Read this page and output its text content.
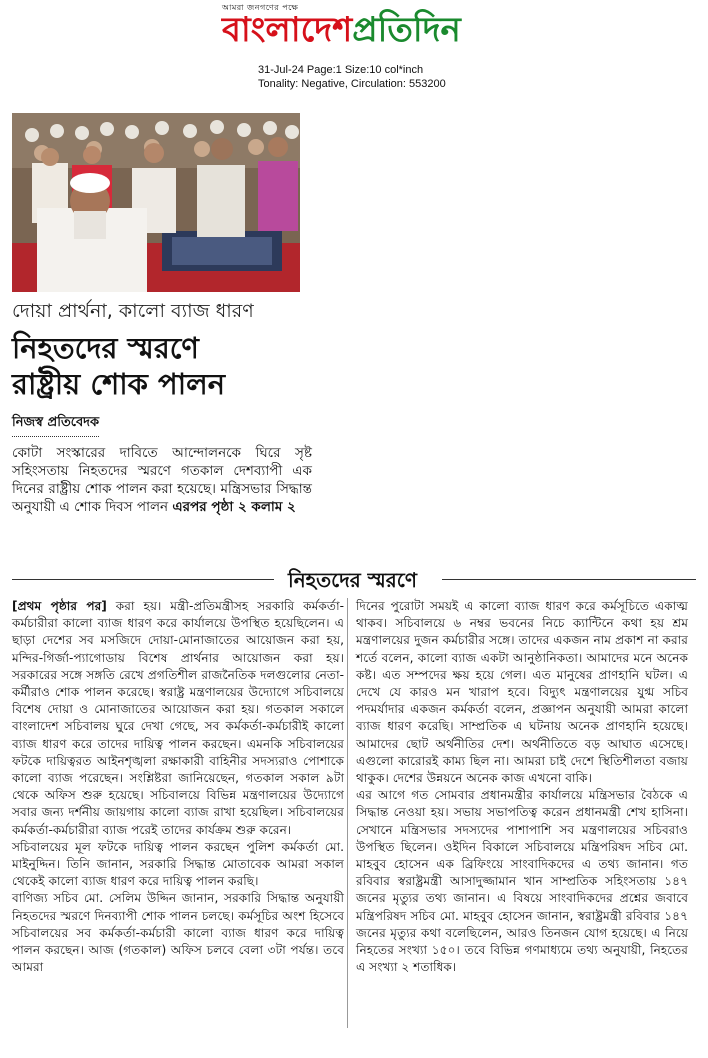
আমরা জনগণের পক্ষে
বাংলাদেশপ্রতিদিন
31-Jul-24 Page:1 Size:10 col*inch
Tonality: Negative, Circulation: 553200
দোয়া প্রার্থনা, কালো ব্যাজ ধারণ
নিহতদের স্মরণে
রাষ্ট্রীয় শোক পালন
নিজস্ব প্রতিবেদক
কোটা সংস্কারের দাবিতে আন্দোলনকে ঘিরে সৃষ্ট সহিংসতায় নিহতদের স্মরণে গতকাল দেশব্যাপী এক দিনের রাষ্ট্রীয় শোক পালন করা হয়েছে। মন্ত্রিসভার সিদ্ধান্ত অনুযায়ী এ শোক দিবস পালন এরপর পৃষ্ঠা ২ কলাম ২
নিহতদের স্মরণে

[প্রথম পৃষ্ঠার পর] করা হয়। মন্ত্রী-প্রতিমন্ত্রীসহ সরকারি কর্মকর্তা-কর্মচারীরা কালো ব্যাজ ধারণ করে কার্যালয়ে উপস্থিত হয়েছিলেন। এ ছাড়া দেশের সব মসজিদে দোয়া-মোনাজাতের আয়োজন করা হয়, মন্দির-গির্জা-প্যাগোডায় বিশেষ প্রার্থনার আয়োজন করা হয়। সরকারের সঙ্গে সঙ্গতি রেখে প্রগতিশীল রাজনৈতিক দলগুলোর নেতা-কর্মীরাও শোক পালন করেছে। স্বরাষ্ট্র মন্ত্রণালয়ের উদ্যোগে সচিবালয়ে বিশেষ দোয়া ও মোনাজাতের আয়োজন করা হয়। গতকাল সকালে বাংলাদেশ সচিবালয় ঘুরে দেখা গেছে, সব কর্মকর্তা-কর্মচারীই কালো ব্যাজ ধারণ করে তাদের দায়িত্ব পালন করছেন। এমনকি সচিবালয়ের ফটকে দায়িত্বরত আইনশৃঙ্খলা রক্ষাকারী বাহিনীর সদস্যরাও পোশাকে কালো ব্যাজ পরেছেন। সংশ্লিষ্টরা জানিয়েছেন, গতকাল সকাল ৯টা থেকে অফিস শুরু হয়েছে। সচিবালয়ে বিভিন্ন মন্ত্রণালয়ের উদ্যোগে সবার জন্য দর্শনীয় জায়গায় কালো ব্যাজ রাখা হয়েছিল। সচিবালয়ের কর্মকর্তা-কর্মচারীরা ব্যাজ পরেই তাদের কার্যক্রম শুরু করেন।

সচিবালয়ের মূল ফটকে দায়িত্ব পালন করছেন পুলিশ কর্মকর্তা মো. মাইনুদ্দিন। তিনি জানান, সরকারি সিদ্ধান্ত মোতাবেক আমরা সকাল থেকেই কালো ব্যাজ ধারণ করে দায়িত্ব পালন করছি।

বাণিজ্য সচিব মো. সেলিম উদ্দিন জানান, সরকারি সিদ্ধান্ত অনুযায়ী নিহতদের স্মরণে দিনব্যাপী শোক পালন চলছে। কর্মসূচির অংশ হিসেবে সচিবালয়ের সব কর্মকর্তা-কর্মচারী কালো ব্যাজ ধারণ করে দায়িত্ব পালন করছেন। আজ (গতকাল) অফিস চলবে বেলা ৩টা পর্যন্ত। তবে আমরা

দিনের পুরোটা সময়ই এ কালো ব্যাজ ধারণ করে কর্মসূচিতে একাত্ম থাকব। সচিবালয়ে ৬ নম্বর ভবনের নিচে ক্যান্টিনে কথা হয় শ্রম মন্ত্রণালয়ের দুজন কর্মচারীর সঙ্গে। তাদের একজন নাম প্রকাশ না করার শর্তে বলেন, কালো ব্যাজ একটা আনুষ্ঠানিকতা। আমাদের মনে অনেক কষ্ট। এত সম্পদের ক্ষয় হয়ে গেল। এত মানুষের প্রাণহানি ঘটল। এ দেখে যে কারও মন খারাপ হবে। বিদ্যুৎ মন্ত্রণালয়ের যুগ্ম সচিব পদমর্যাদার একজন কর্মকর্তা বলেন, প্রজ্ঞাপন অনুযায়ী আমরা কালো ব্যাজ ধারণ করেছি। সাম্প্রতিক এ ঘটনায় অনেক প্রাণহানি হয়েছে। আমাদের ছোট অর্থনীতির দেশ। অর্থনীতিতে বড় আঘাত এসেছে। এগুলো কারোরই কাম্য ছিল না। আমরা চাই দেশে স্থিতিশীলতা বজায় থাকুক। দেশের উন্নয়নে অনেক কাজ এখনো বাকি।

এর আগে গত সোমবার প্রধানমন্ত্রীর কার্যালয়ে মন্ত্রিসভার বৈঠকে এ সিদ্ধান্ত নেওয়া হয়। সভায় সভাপতিত্ব করেন প্রধানমন্ত্রী শেখ হাসিনা। সেখানে মন্ত্রিসভার সদস্যদের পাশাপাশি সব মন্ত্রণালয়ের সচিবরাও উপস্থিত ছিলেন। ওইদিন বিকালে সচিবালয়ে মন্ত্রিপরিষদ সচিব মো. মাহবুব হোসেন এক ব্রিফিংয়ে সাংবাদিকদের এ তথ্য জানান। গত রবিবার স্বরাষ্ট্রমন্ত্রী আসাদুজ্জামান খান সাম্প্রতিক সহিংসতায় ১৪৭ জনের মৃত্যুর তথ্য জানান। এ বিষয়ে সাংবাদিকদের প্রশ্নের জবাবে মন্ত্রিপরিষদ সচিব মো. মাহবুব হোসেন জানান, স্বরাষ্ট্রমন্ত্রী রবিবার ১৪৭ জনের মৃত্যুর কথা বলেছিলেন, আরও তিনজন যোগ হয়েছে। এ নিয়ে নিহতের সংখ্যা ১৫০। তবে বিভিন্ন গণমাধ্যমে তথ্য অনুযায়ী, নিহতের এ সংখ্যা ২ শতাধিক।
